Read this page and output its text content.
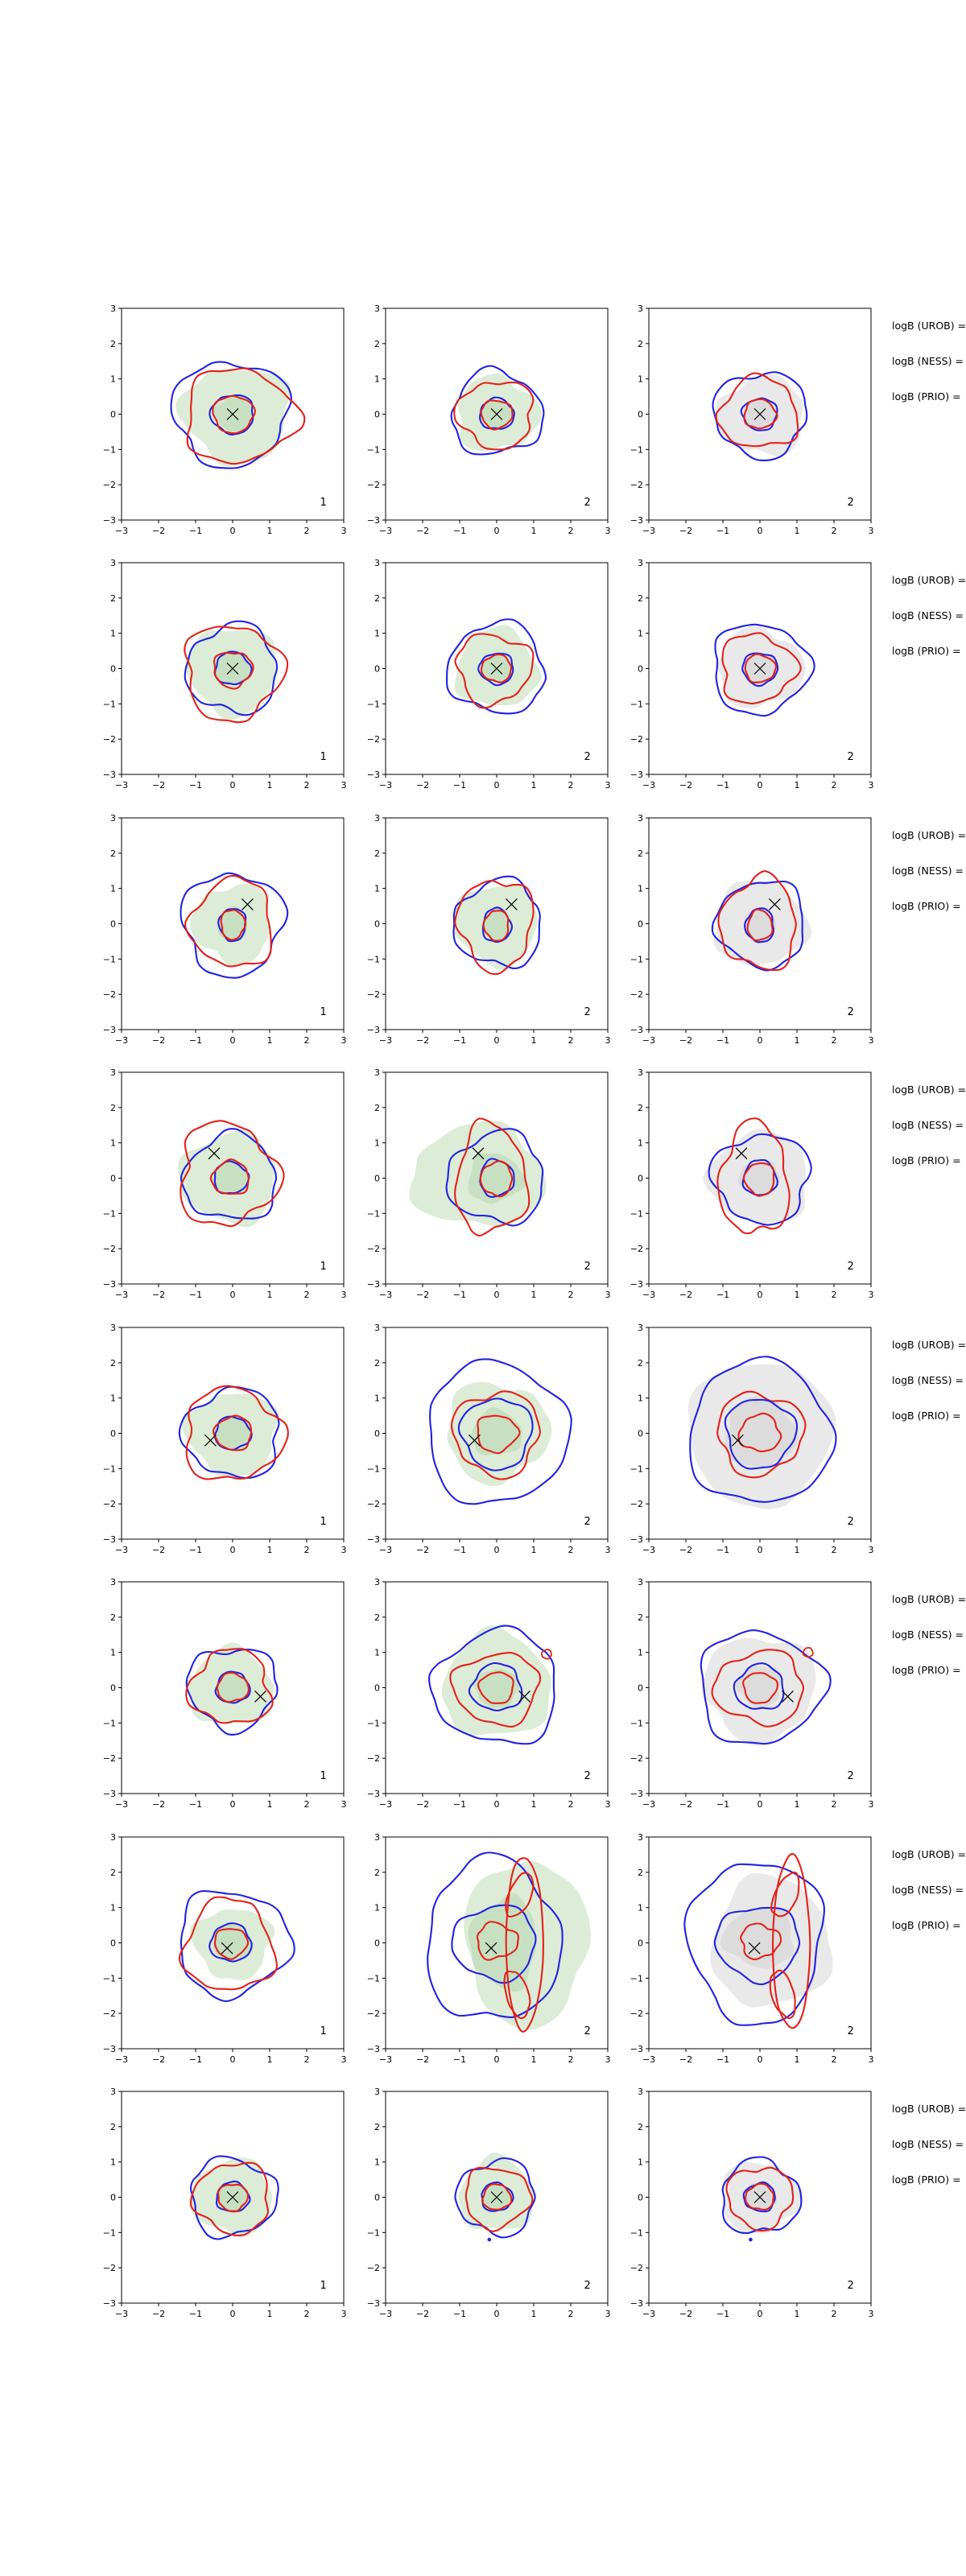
−3
−3
−2
−2
−1
−1
0
0
1
1
2
2
3
3
1
−3
−3
−2
−2
−1
−1
0
0
1
1
2
2
3
3
2
−3
−3
−2
−2
−1
−1
0
0
1
1
2
2
3
3
2
logB (UROB) =
logB (NESS) =
logB (PRIO) =
−3
−3
−2
−2
−1
−1
0
0
1
1
2
2
3
3
1
−3
−3
−2
−2
−1
−1
0
0
1
1
2
2
3
3
2
−3
−3
−2
−2
−1
−1
0
0
1
1
2
2
3
3
2
logB (UROB) =
logB (NESS) =
logB (PRIO) =
−3
−3
−2
−2
−1
−1
0
0
1
1
2
2
3
3
1
−3
−3
−2
−2
−1
−1
0
0
1
1
2
2
3
3
2
−3
−3
−2
−2
−1
−1
0
0
1
1
2
2
3
3
2
logB (UROB) =
logB (NESS) =
logB (PRIO) =
−3
−3
−2
−2
−1
−1
0
0
1
1
2
2
3
3
1
−3
−3
−2
−2
−1
−1
0
0
1
1
2
2
3
3
2
−3
−3
−2
−2
−1
−1
0
0
1
1
2
2
3
3
2
logB (UROB) =
logB (NESS) =
logB (PRIO) =
−3
−3
−2
−2
−1
−1
0
0
1
1
2
2
3
3
1
−3
−3
−2
−2
−1
−1
0
0
1
1
2
2
3
3
2
−3
−3
−2
−2
−1
−1
0
0
1
1
2
2
3
3
2
logB (UROB) =
logB (NESS) =
logB (PRIO) =
−3
−3
−2
−2
−1
−1
0
0
1
1
2
2
3
3
1
−3
−3
−2
−2
−1
−1
0
0
1
1
2
2
3
3
2
−3
−3
−2
−2
−1
−1
0
0
1
1
2
2
3
3
2
logB (UROB) =
logB (NESS) =
logB (PRIO) =
−3
−3
−2
−2
−1
−1
0
0
1
1
2
2
3
3
1
−3
−3
−2
−2
−1
−1
0
0
1
1
2
2
3
3
2
−3
−3
−2
−2
−1
−1
0
0
1
1
2
2
3
3
2
logB (UROB) =
logB (NESS) =
logB (PRIO) =
−3
−3
−2
−2
−1
−1
0
0
1
1
2
2
3
3
1
−3
−3
−2
−2
−1
−1
0
0
1
1
2
2
3
3
2
−3
−3
−2
−2
−1
−1
0
0
1
1
2
2
3
3
2
logB (UROB) =
logB (NESS) =
logB (PRIO) =
